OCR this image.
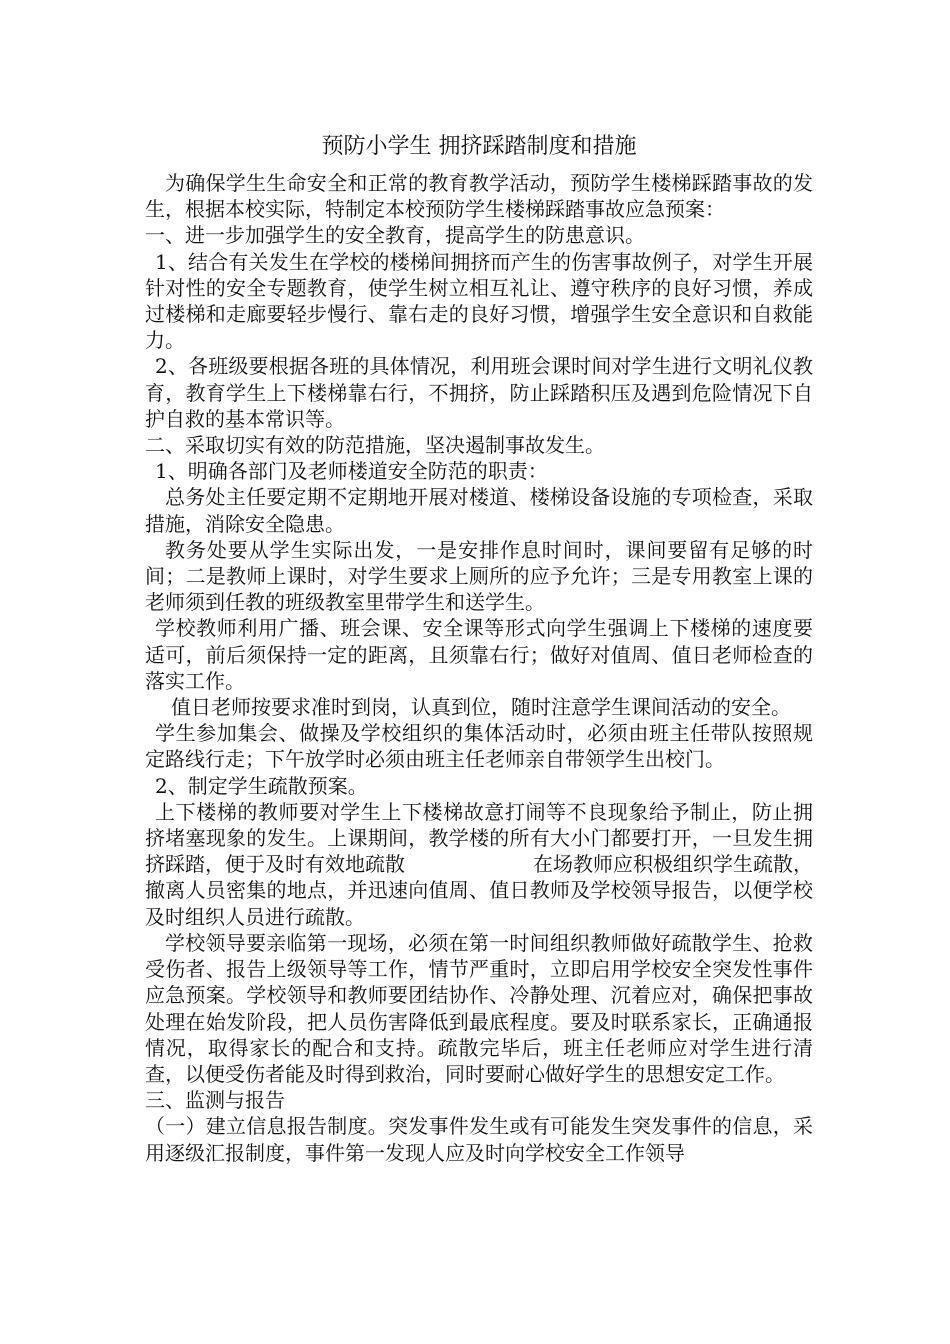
预防小学生 拥挤踩踏制度和措施

为确保学生生命安全和正常的教育教学活动，预防学生楼梯踩踏事故的发生，根据本校实际，特制定本校预防学生楼梯踩踏事故应急预案：

一、进一步加强学生的安全教育，提高学生的防患意识。

1、结合有关发生在学校的楼梯间拥挤而产生的伤害事故例子，对学生开展针对性的安全专题教育，使学生树立相互礼让、遵守秩序的良好习惯，养成过楼梯和走廊要轻步慢行、靠右走的良好习惯，增强学生安全意识和自救能力。

2、各班级要根据各班的具体情况，利用班会课时间对学生进行文明礼仪教育，教育学生上下楼梯靠右行，不拥挤，防止踩踏积压及遇到危险情况下自护自救的基本常识等。

二、采取切实有效的防范措施，坚决遏制事故发生。

1、明确各部门及老师楼道安全防范的职责：

总务处主任要定期不定期地开展对楼道、楼梯设备设施的专项检查，采取措施，消除安全隐患。

教务处要从学生实际出发，一是安排作息时间时，课间要留有足够的时间；二是教师上课时，对学生要求上厕所的应予允许；三是专用教室上课的老师须到任教的班级教室里带学生和送学生。

学校教师利用广播、班会课、安全课等形式向学生强调上下楼梯的速度要适可，前后须保持一定的距离，且须靠右行；做好对值周、值日老师检查的落实工作。

值日老师按要求准时到岗，认真到位，随时注意学生课间活动的安全。

学生参加集会、做操及学校组织的集体活动时，必须由班主任带队按照规定路线行走；下午放学时必须由班主任老师亲自带领学生出校门。

2、制定学生疏散预案。

上下楼梯的教师要对学生上下楼梯故意打闹等不良现象给予制止，防止拥挤堵塞现象的发生。上课期间，教学楼的所有大小门都要打开，一旦发生拥挤踩踏，便于及时有效地疏散	在场教师应积极组织学生疏散，撤离人员密集的地点，并迅速向值周、值日教师及学校领导报告，以便学校及时组织人员进行疏散。

学校领导要亲临第一现场，必须在第一时间组织教师做好疏散学生、抢救受伤者、报告上级领导等工作，情节严重时，立即启用学校安全突发性事件应急预案。学校领导和教师要团结协作、冷静处理、沉着应对，确保把事故处理在始发阶段，把人员伤害降低到最底程度。要及时联系家长，正确通报情况，取得家长的配合和支持。疏散完毕后，班主任老师应对学生进行清查，以便受伤者能及时得到救治，同时要耐心做好学生的思想安定工作。

三、监测与报告

（一）建立信息报告制度。突发事件发生或有可能发生突发事件的信息，采用逐级汇报制度，事件第一发现人应及时向学校安全工作领导
